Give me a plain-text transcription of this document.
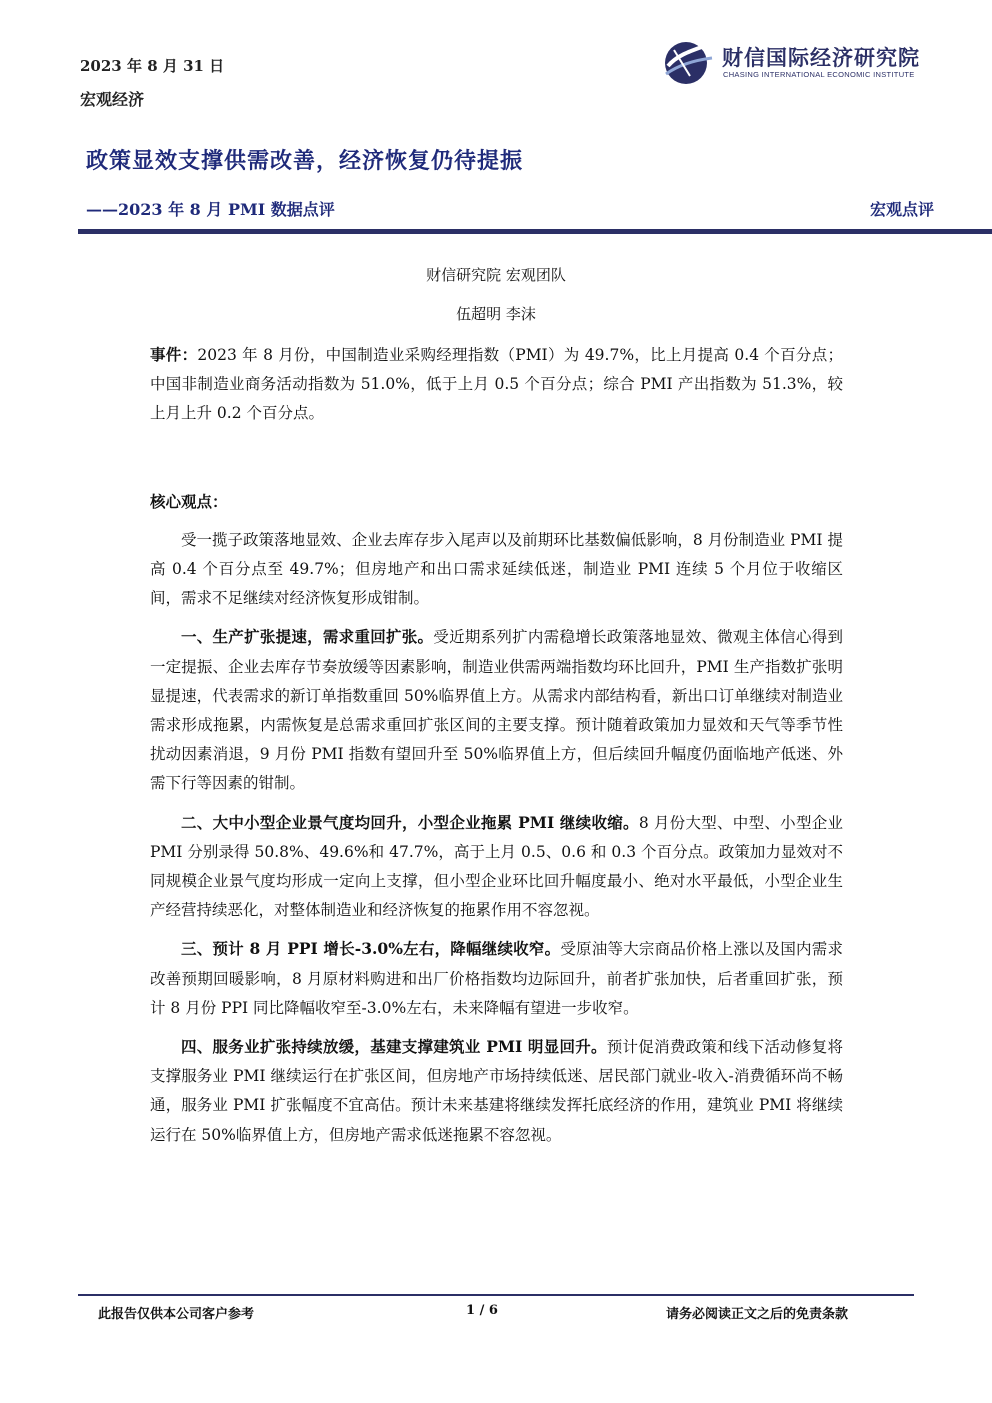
2023 年 8 月 31 日
宏观经济
财信国际经济研究院
CHASING INTERNATIONAL ECONOMIC INSTITUTE
政策显效支撑供需改善，经济恢复仍待提振
——2023 年 8 月 PMI 数据点评	宏观点评
财信研究院 宏观团队
伍超明 李沫

事件：2023 年 8 月份，中国制造业采购经理指数（PMI）为 49.7%，比上月提高 0.4 个百分点；中国非制造业商务活动指数为 51.0%，低于上月 0.5 个百分点；综合 PMI 产出指数为 51.3%，较上月上升 0.2 个百分点。

核心观点：

受一揽子政策落地显效、企业去库存步入尾声以及前期环比基数偏低影响，8 月份制造业 PMI 提高 0.4 个百分点至 49.7%；但房地产和出口需求延续低迷，制造业 PMI 连续 5 个月位于收缩区间，需求不足继续对经济恢复形成钳制。

一、生产扩张提速，需求重回扩张。受近期系列扩内需稳增长政策落地显效、微观主体信心得到一定提振、企业去库存节奏放缓等因素影响，制造业供需两端指数均环比回升，PMI 生产指数扩张明显提速，代表需求的新订单指数重回 50%临界值上方。从需求内部结构看，新出口订单继续对制造业需求形成拖累，内需恢复是总需求重回扩张区间的主要支撑。预计随着政策加力显效和天气等季节性扰动因素消退，9 月份 PMI 指数有望回升至 50%临界值上方，但后续回升幅度仍面临地产低迷、外需下行等因素的钳制。

二、大中小型企业景气度均回升，小型企业拖累 PMI 继续收缩。8 月份大型、中型、小型企业 PMI 分别录得 50.8%、49.6%和 47.7%，高于上月 0.5、0.6 和 0.3 个百分点。政策加力显效对不同规模企业景气度均形成一定向上支撑，但小型企业环比回升幅度最小、绝对水平最低，小型企业生产经营持续恶化，对整体制造业和经济恢复的拖累作用不容忽视。

三、预计 8 月 PPI 增长-3.0%左右，降幅继续收窄。受原油等大宗商品价格上涨以及国内需求改善预期回暖影响，8 月原材料购进和出厂价格指数均边际回升，前者扩张加快，后者重回扩张，预计 8 月份 PPI 同比降幅收窄至-3.0%左右，未来降幅有望进一步收窄。

四、服务业扩张持续放缓，基建支撑建筑业 PMI 明显回升。预计促消费政策和线下活动修复将支撑服务业 PMI 继续运行在扩张区间，但房地产市场持续低迷、居民部门就业-收入-消费循环尚不畅通，服务业 PMI 扩张幅度不宜高估。预计未来基建将继续发挥托底经济的作用，建筑业 PMI 将继续运行在 50%临界值上方，但房地产需求低迷拖累不容忽视。

此报告仅供本公司客户参考	1 / 6	请务必阅读正文之后的免责条款
